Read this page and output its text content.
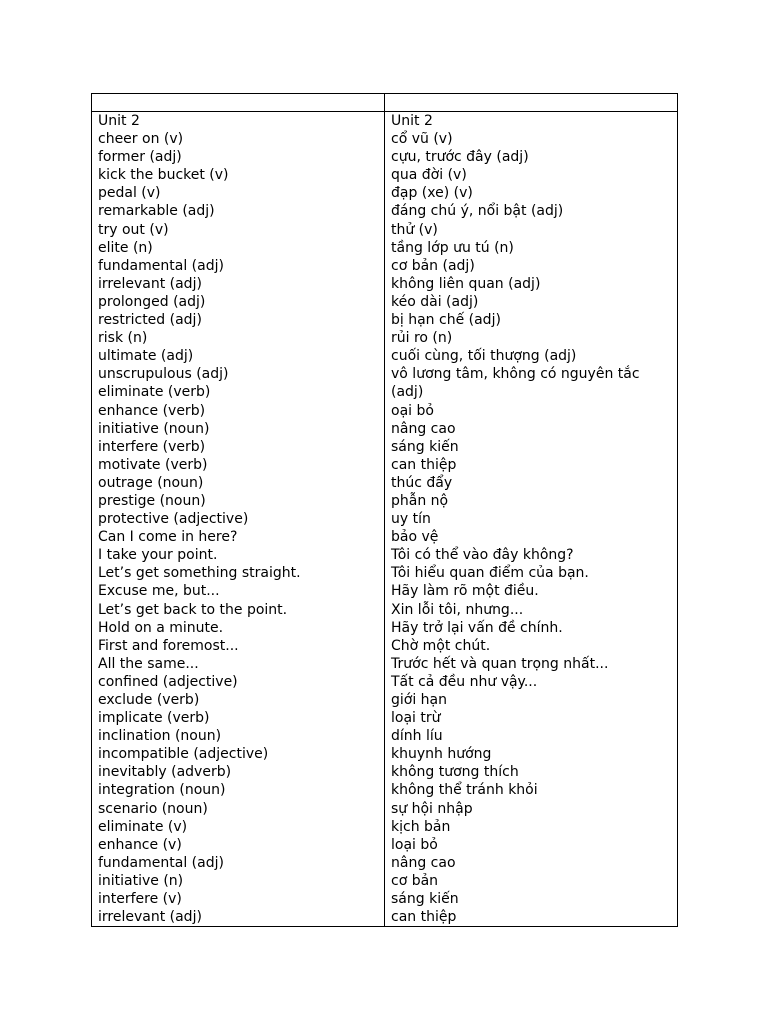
Unit 2
cheer on (v)
former (adj)
kick the bucket (v)
pedal (v)
remarkable (adj)
try out (v)
elite (n)
fundamental (adj)
irrelevant (adj)
prolonged (adj)
restricted (adj)
risk (n)
ultimate (adj)
unscrupulous (adj)
eliminate (verb)
enhance (verb)
initiative (noun)
interfere (verb)
motivate (verb)
outrage (noun)
prestige (noun)
protective (adjective)
Can I come in here?
I take your point.
Let’s get something straight.
Excuse me, but...
Let’s get back to the point.
Hold on a minute.
First and foremost...
All the same...
confined (adjective)
exclude (verb)
implicate (verb)
inclination (noun)
incompatible (adjective)
inevitably (adverb)
integration (noun)
scenario (noun)
eliminate (v)
enhance (v)
fundamental (adj)
initiative (n)
interfere (v)
irrelevant (adj)
Unit 2
cổ vũ (v)
cựu, trước đây (adj)
qua đời (v)
đạp (xe) (v)
đáng chú ý, nổi bật (adj)
thử (v)
tầng lớp ưu tú (n)
cơ bản (adj)
không liên quan (adj)
kéo dài (adj)
bị hạn chế (adj)
rủi ro (n)
cuối cùng, tối thượng (adj)
vô lương tâm, không có nguyên tắc
(adj)
oại bỏ
nâng cao
sáng kiến
can thiệp
thúc đẩy
phẫn nộ
uy tín
bảo vệ
Tôi có thể vào đây không?
Tôi hiểu quan điểm của bạn.
Hãy làm rõ một điều.
Xin lỗi tôi, nhưng...
Hãy trở lại vấn đề chính.
Chờ một chút.
Trước hết và quan trọng nhất...
Tất cả đều như vậy...
giới hạn
loại trừ
dính líu
khuynh hướng
không tương thích
không thể tránh khỏi
sự hội nhập
kịch bản
loại bỏ
nâng cao
cơ bản
sáng kiến
can thiệp
